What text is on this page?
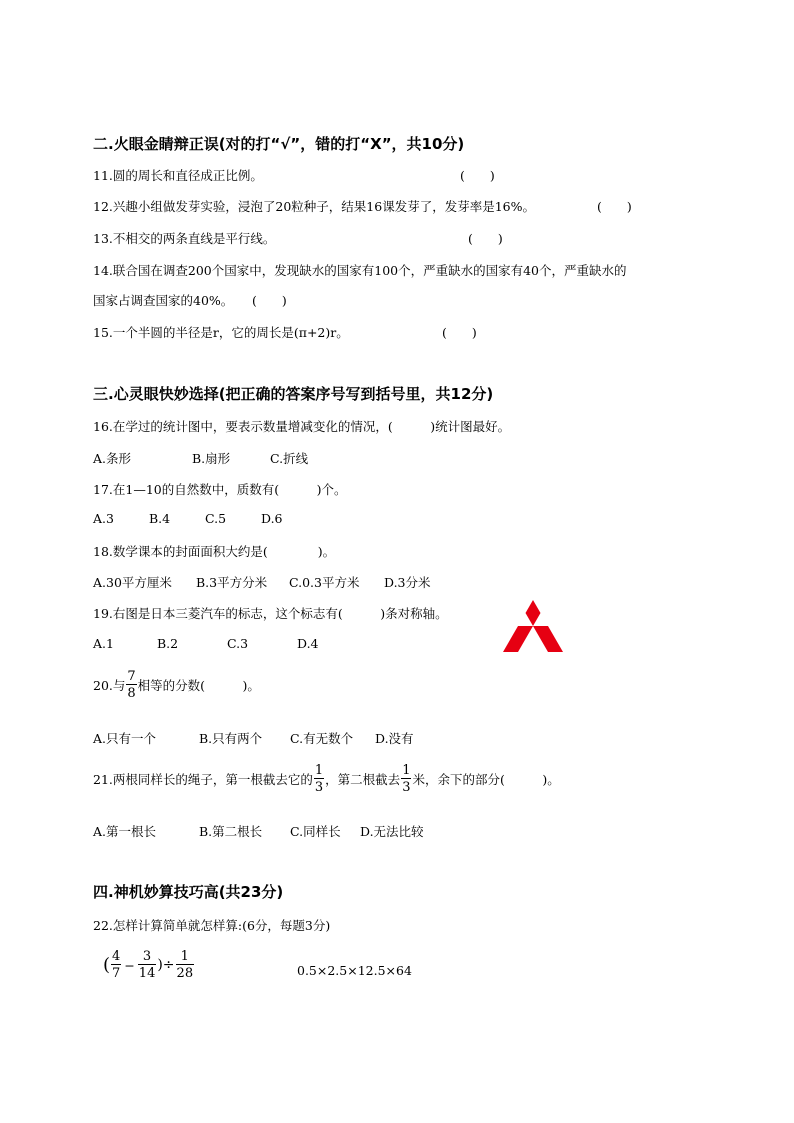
二.火眼金睛辩正误(对的打“√”，错的打“X”，共10分)
11.圆的周长和直径成正比例。	(　　)
12.兴趣小组做发芽实验，浸泡了20粒种子，结果16课发芽了，发芽率是16%。	(　　)
13.不相交的两条直线是平行线。	(　　)
14.联合国在调查200个国家中，发现缺水的国家有100个，严重缺水的国家有40个，严重缺水的
国家占调查国家的40%。 (　　)
15.一个半圆的半径是r，它的周长是(π+2)r。	(　　)
三.心灵眼快妙选择(把正确的答案序号写到括号里，共12分)
16.在学过的统计图中，要表示数量增减变化的情况，(　　　)统计图最好。
A.条形	B.扇形	C.折线
17.在1—10的自然数中，质数有(　　　)个。
A.3	B.4	C.5	D.6
18.数学课本的封面面积大约是(　　　　)。
A.30平方厘米 B.3平方分米 C.0.3平方米 D.3分米
19.右图是日本三菱汽车的标志，这个标志有(　　　)条对称轴。
A.1	B.2	C.3	D.4
20.与 $\frac{7}{8}$ 相等的分数(　　　)。
A.只有一个	B.只有两个 C.有无数个 D.没有
21.两根同样长的绳子，第一根截去它的 $\frac{1}{3}$ ，第二根截去 $\frac{1}{3}$ 米，余下的部分(　　　)。
A.第一根长	B.第二根长 C.同样长 D.无法比较
四.神机妙算技巧高(共23分)
22.怎样计算简单就怎样算:(6分，每题3分)
( $\frac{4}{7} - \frac{3}{14}$ )÷ $\frac{1}{28}$	0.5×2.5×12.5×64
